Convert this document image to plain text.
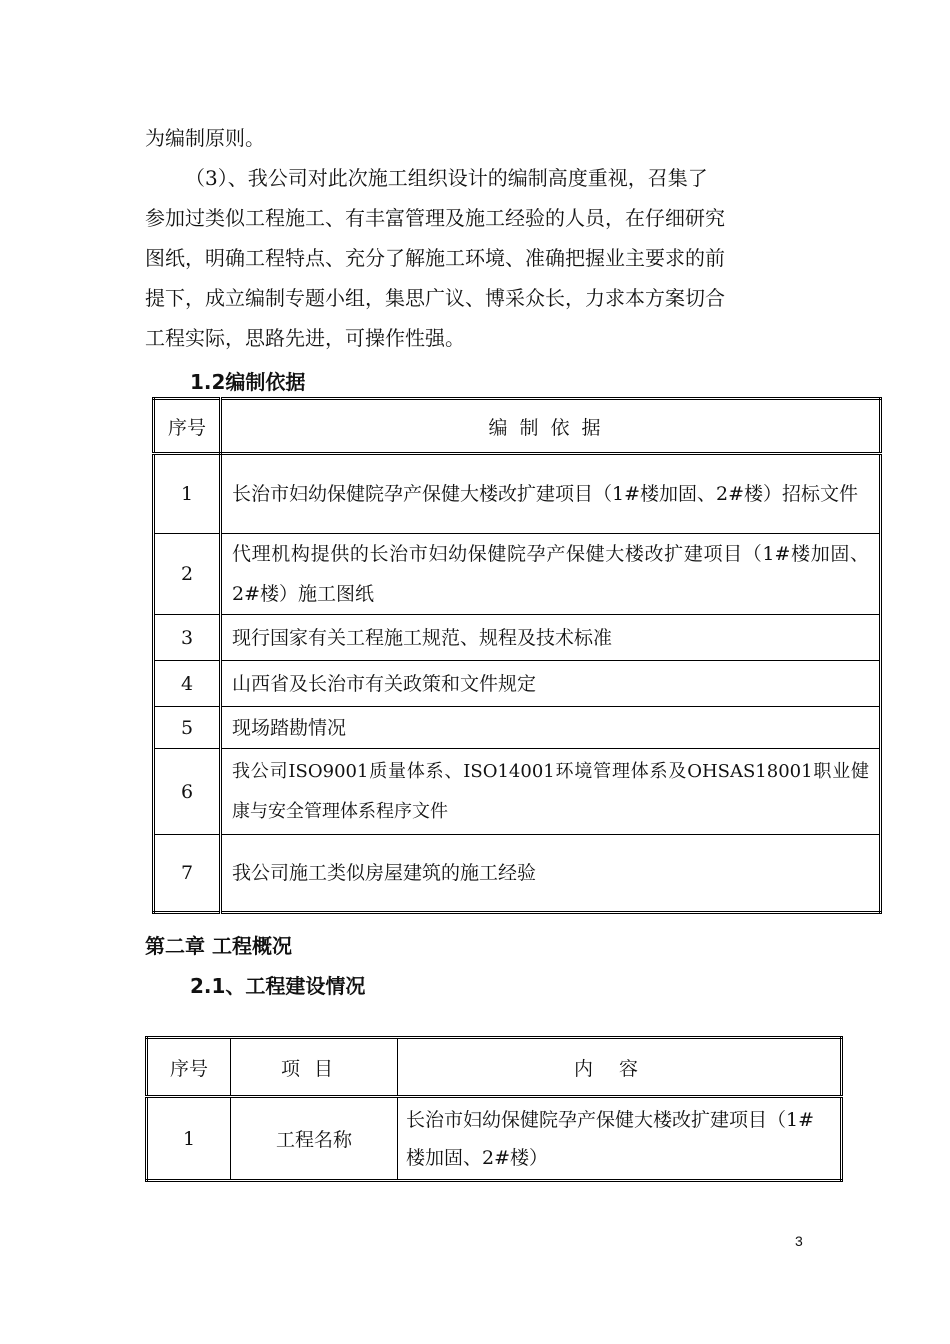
为编制原则。
（3）、我公司对此次施工组织设计的编制高度重视，召集了
参加过类似工程施工、有丰富管理及施工经验的人员，在仔细研究
图纸，明确工程特点、充分了解施工环境、准确把握业主要求的前
提下，成立编制专题小组，集思广议、博采众长，力求本方案切合
工程实际，思路先进，可操作性强。
1.2编制依据
序号	编制依据
1	长治市妇幼保健院孕产保健大楼改扩建项目（1#楼加固、2#楼）招标文件
2	代理机构提供的长治市妇幼保健院孕产保健大楼改扩建项目（1#楼加固、2#楼）施工图纸
3	现行国家有关工程施工规范、规程及技术标准
4	山西省及长治市有关政策和文件规定
5	现场踏勘情况
6	我公司ISO9001质量体系、ISO14001环境管理体系及OHSAS18001职业健康与安全管理体系程序文件
7	我公司施工类似房屋建筑的施工经验
第二章 工程概况
2.1、工程建设情况
序号	项目	内容
1	工程名称	长治市妇幼保健院孕产保健大楼改扩建项目（1#楼加固、2#楼）
3
